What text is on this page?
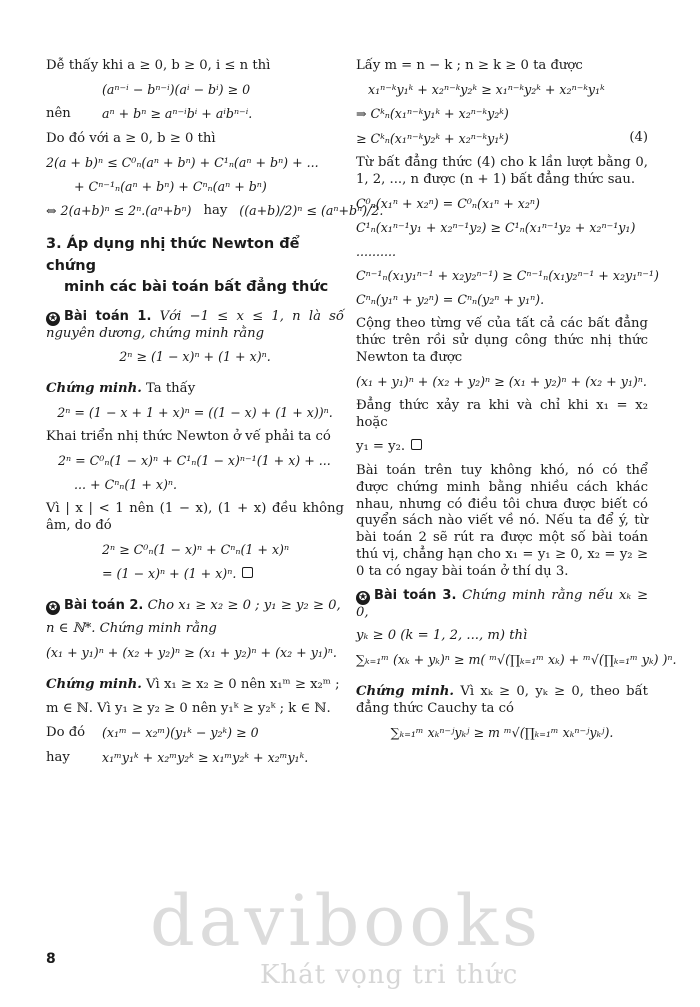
Dễ thấy khi a ≥ 0, b ≥ 0, i ≤ n thì

(aⁿ⁻ⁱ − bⁿ⁻ⁱ)(aⁱ − bⁱ) ≥ 0
nên	aⁿ + bⁿ ≥ aⁿ⁻ⁱbⁱ + aⁱbⁿ⁻ⁱ.

Do đó với a ≥ 0, b ≥ 0 thì

2(a + b)ⁿ ≤ C⁰ₙ(aⁿ + bⁿ) + C¹ₙ(aⁿ + bⁿ) + ...
+ Cⁿ⁻¹ₙ(aⁿ + bⁿ) + Cⁿₙ(aⁿ + bⁿ)
⇔ 2(a+b)ⁿ ≤ 2ⁿ.(aⁿ+bⁿ) hay ((a+b)/2)ⁿ ≤ (aⁿ+bⁿ)/2.
3. Áp dụng nhị thức Newton để chứng
minh các bài toán bất đẳng thức

✪ Bài toán 1. Với −1 ≤ x ≤ 1, n là số nguyên dương, chứng minh rằng

2ⁿ ≥ (1 − x)ⁿ + (1 + x)ⁿ.

Chứng minh. Ta thấy

2ⁿ = (1 − x + 1 + x)ⁿ = ((1 − x) + (1 + x))ⁿ.

Khai triển nhị thức Newton ở vế phải ta có

2ⁿ = C⁰ₙ(1 − x)ⁿ + C¹ₙ(1 − x)ⁿ⁻¹(1 + x) + ...
... + Cⁿₙ(1 + x)ⁿ.

Vì | x | < 1 nên (1 − x), (1 + x) đều không âm, do đó

2ⁿ ≥ C⁰ₙ(1 − x)ⁿ + Cⁿₙ(1 + x)ⁿ
= (1 − x)ⁿ + (1 + x)ⁿ.

✪ Bài toán 2. Cho x₁ ≥ x₂ ≥ 0 ; y₁ ≥ y₂ ≥ 0,

n ∈ ℕ*. Chứng minh rằng

(x₁ + y₁)ⁿ + (x₂ + y₂)ⁿ ≥ (x₁ + y₂)ⁿ + (x₂ + y₁)ⁿ.

Chứng minh. Vì x₁ ≥ x₂ ≥ 0 nên x₁ᵐ ≥ x₂ᵐ ;

m ∈ ℕ. Vì y₁ ≥ y₂ ≥ 0 nên y₁ᵏ ≥ y₂ᵏ ; k ∈ ℕ.

Do đó	(x₁ᵐ − x₂ᵐ)(y₁ᵏ − y₂ᵏ) ≥ 0
hay	x₁ᵐy₁ᵏ + x₂ᵐy₂ᵏ ≥ x₁ᵐy₂ᵏ + x₂ᵐy₁ᵏ.

Lấy m = n − k ; n ≥ k ≥ 0 ta được

x₁ⁿ⁻ᵏy₁ᵏ + x₂ⁿ⁻ᵏy₂ᵏ ≥ x₁ⁿ⁻ᵏy₂ᵏ + x₂ⁿ⁻ᵏy₁ᵏ
⇒ Cᵏₙ(x₁ⁿ⁻ᵏy₁ᵏ + x₂ⁿ⁻ᵏy₂ᵏ)
≥ Cᵏₙ(x₁ⁿ⁻ᵏy₂ᵏ + x₂ⁿ⁻ᵏy₁ᵏ)	(4)

Từ bất đẳng thức (4) cho k lần lượt bằng 0, 1, 2, ..., n được (n + 1) bất đẳng thức sau.

C⁰ₙ(x₁ⁿ + x₂ⁿ) = C⁰ₙ(x₁ⁿ + x₂ⁿ)
C¹ₙ(x₁ⁿ⁻¹y₁ + x₂ⁿ⁻¹y₂) ≥ C¹ₙ(x₁ⁿ⁻¹y₂ + x₂ⁿ⁻¹y₁)
..........
Cⁿ⁻¹ₙ(x₁y₁ⁿ⁻¹ + x₂y₂ⁿ⁻¹) ≥ Cⁿ⁻¹ₙ(x₁y₂ⁿ⁻¹ + x₂y₁ⁿ⁻¹)
Cⁿₙ(y₁ⁿ + y₂ⁿ) = Cⁿₙ(y₂ⁿ + y₁ⁿ).

Cộng theo từng vế của tất cả các bất đẳng thức trên rồi sử dụng công thức nhị thức Newton ta được

(x₁ + y₁)ⁿ + (x₂ + y₂)ⁿ ≥ (x₁ + y₂)ⁿ + (x₂ + y₁)ⁿ.

Đẳng thức xảy ra khi và chỉ khi x₁ = x₂ hoặc

y₁ = y₂.

Bài toán trên tuy không khó, nó có thể được chứng minh bằng nhiều cách khác nhau, nhưng có điều tôi chưa được biết có quyển sách nào viết về nó. Nếu ta để ý, từ bài toán 2 sẽ rút ra được một số bài toán thú vị, chẳng hạn cho x₁ = y₁ ≥ 0, x₂ = y₂ ≥ 0 ta có ngay bài toán ở thí dụ 3.

✪ Bài toán 3. Chứng minh rằng nếu xₖ ≥ 0,

yₖ ≥ 0 (k = 1, 2, ..., m) thì

∑ₖ₌₁ᵐ (xₖ + yₖ)ⁿ ≥ m( ᵐ√(∏ₖ₌₁ᵐ xₖ) + ᵐ√(∏ₖ₌₁ᵐ yₖ) )ⁿ.

Chứng minh. Vì xₖ ≥ 0, yₖ ≥ 0, theo bất đẳng thức Cauchy ta có

∑ₖ₌₁ᵐ xₖⁿ⁻ʲyₖʲ ≥ m ᵐ√(∏ₖ₌₁ᵐ xₖⁿ⁻ʲyₖʲ).
8 davibooks
Khát vọng tri thức
